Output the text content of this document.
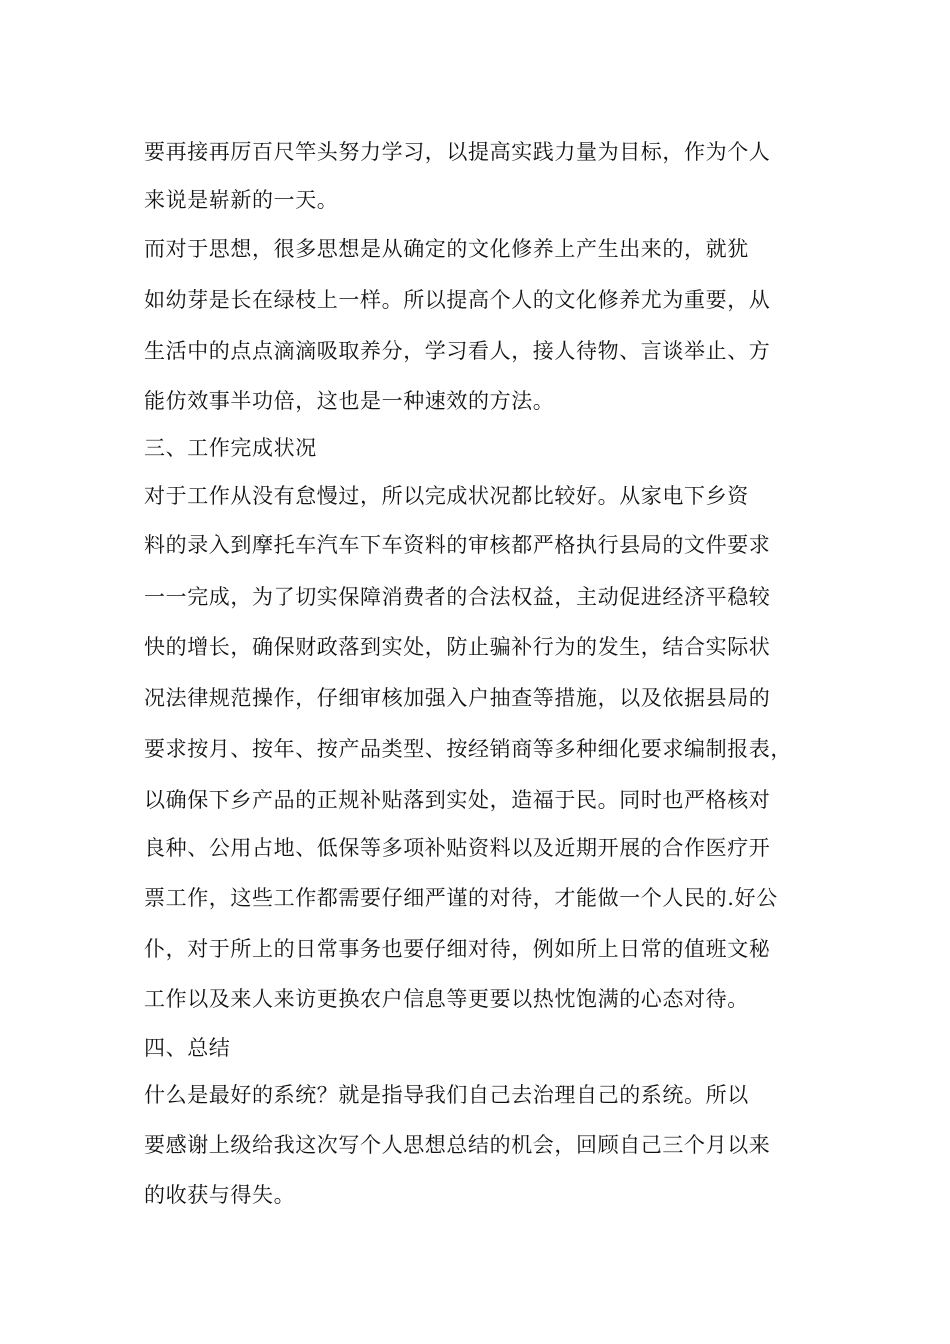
要再接再厉百尺竿头努力学习，以提高实践力量为目标，作为个人
来说是崭新的一天。
而对于思想，很多思想是从确定的文化修养上产生出来的，就犹
如幼芽是长在绿枝上一样。所以提高个人的文化修养尤为重要，从
生活中的点点滴滴吸取养分，学习看人，接人待物、言谈举止、方
能仿效事半功倍，这也是一种速效的方法。
三、工作完成状况
对于工作从没有怠慢过，所以完成状况都比较好。从家电下乡资
料的录入到摩托车汽车下车资料的审核都严格执行县局的文件要求
一一完成，为了切实保障消费者的合法权益，主动促进经济平稳较
快的增长，确保财政落到实处，防止骗补行为的发生，结合实际状
况法律规范操作，仔细审核加强入户抽查等措施，以及依据县局的
要求按月、按年、按产品类型、按经销商等多种细化要求编制报表，
以确保下乡产品的正规补贴落到实处，造福于民。同时也严格核对
良种、公用占地、低保等多项补贴资料以及近期开展的合作医疗开
票工作，这些工作都需要仔细严谨的对待，才能做一个人民的.好公
仆，对于所上的日常事务也要仔细对待，例如所上日常的值班文秘
工作以及来人来访更换农户信息等更要以热忱饱满的心态对待。
四、总结
什么是最好的系统？就是指导我们自己去治理自己的系统。所以
要感谢上级给我这次写个人思想总结的机会，回顾自己三个月以来
的收获与得失。
